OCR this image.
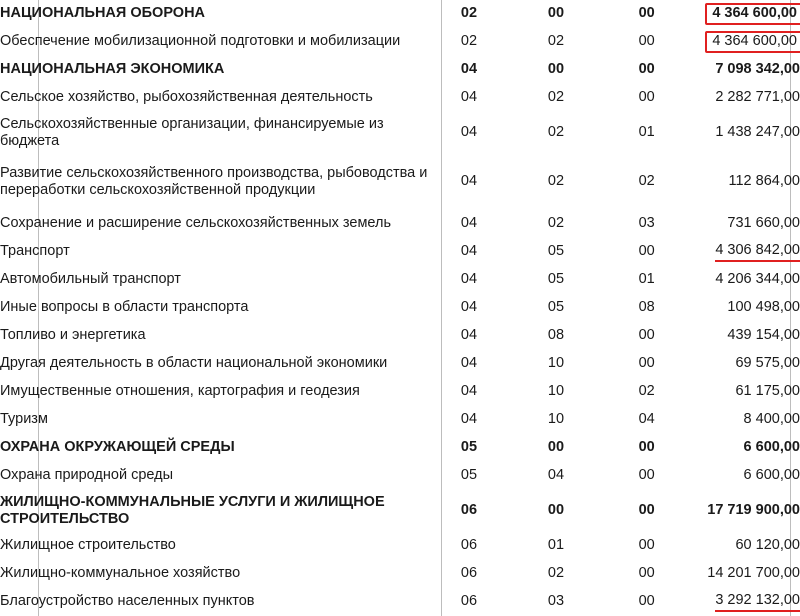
НАЦИОНАЛЬНАЯ ОБОРОНА	02	00	00	4 364 600,00
Обеспечение мобилизационной подготовки и мобилизации	02	02	00	4 364 600,00
НАЦИОНАЛЬНАЯ ЭКОНОМИКА	04	00	00	7 098 342,00
Сельское хозяйство, рыбохозяйственная деятельность	04	02	00	2 282 771,00
Сельскохозяйственные организации, финансируемые из бюджета	04	02	01	1 438 247,00
Развитие сельскохозяйственного производства, рыбоводства и переработки сельскохозяйственной продукции	04	02	02	112 864,00
Сохранение и расширение сельскохозяйственных земель	04	02	03	731 660,00
Транспорт	04	05	00	4 306 842,00
Автомобильный транспорт	04	05	01	4 206 344,00
Иные вопросы в области транспорта	04	05	08	100 498,00
Топливо и энергетика	04	08	00	439 154,00
Другая деятельность в области национальной экономики	04	10	00	69 575,00
Имущественные отношения, картография и геодезия	04	10	02	61 175,00
Туризм	04	10	04	8 400,00
ОХРАНА ОКРУЖАЮЩЕЙ СРЕДЫ	05	00	00	6 600,00
Охрана природной среды	05	04	00	6 600,00
ЖИЛИЩНО-КОММУНАЛЬНЫЕ УСЛУГИ И ЖИЛИЩНОЕ СТРОИТЕЛЬСТВО	06	00	00	17 719 900,00
Жилищное строительство	06	01	00	60 120,00
Жилищно-коммунальное хозяйство	06	02	00	14 201 700,00
Благоустройство населенных пунктов	06	03	00	3 292 132,00
